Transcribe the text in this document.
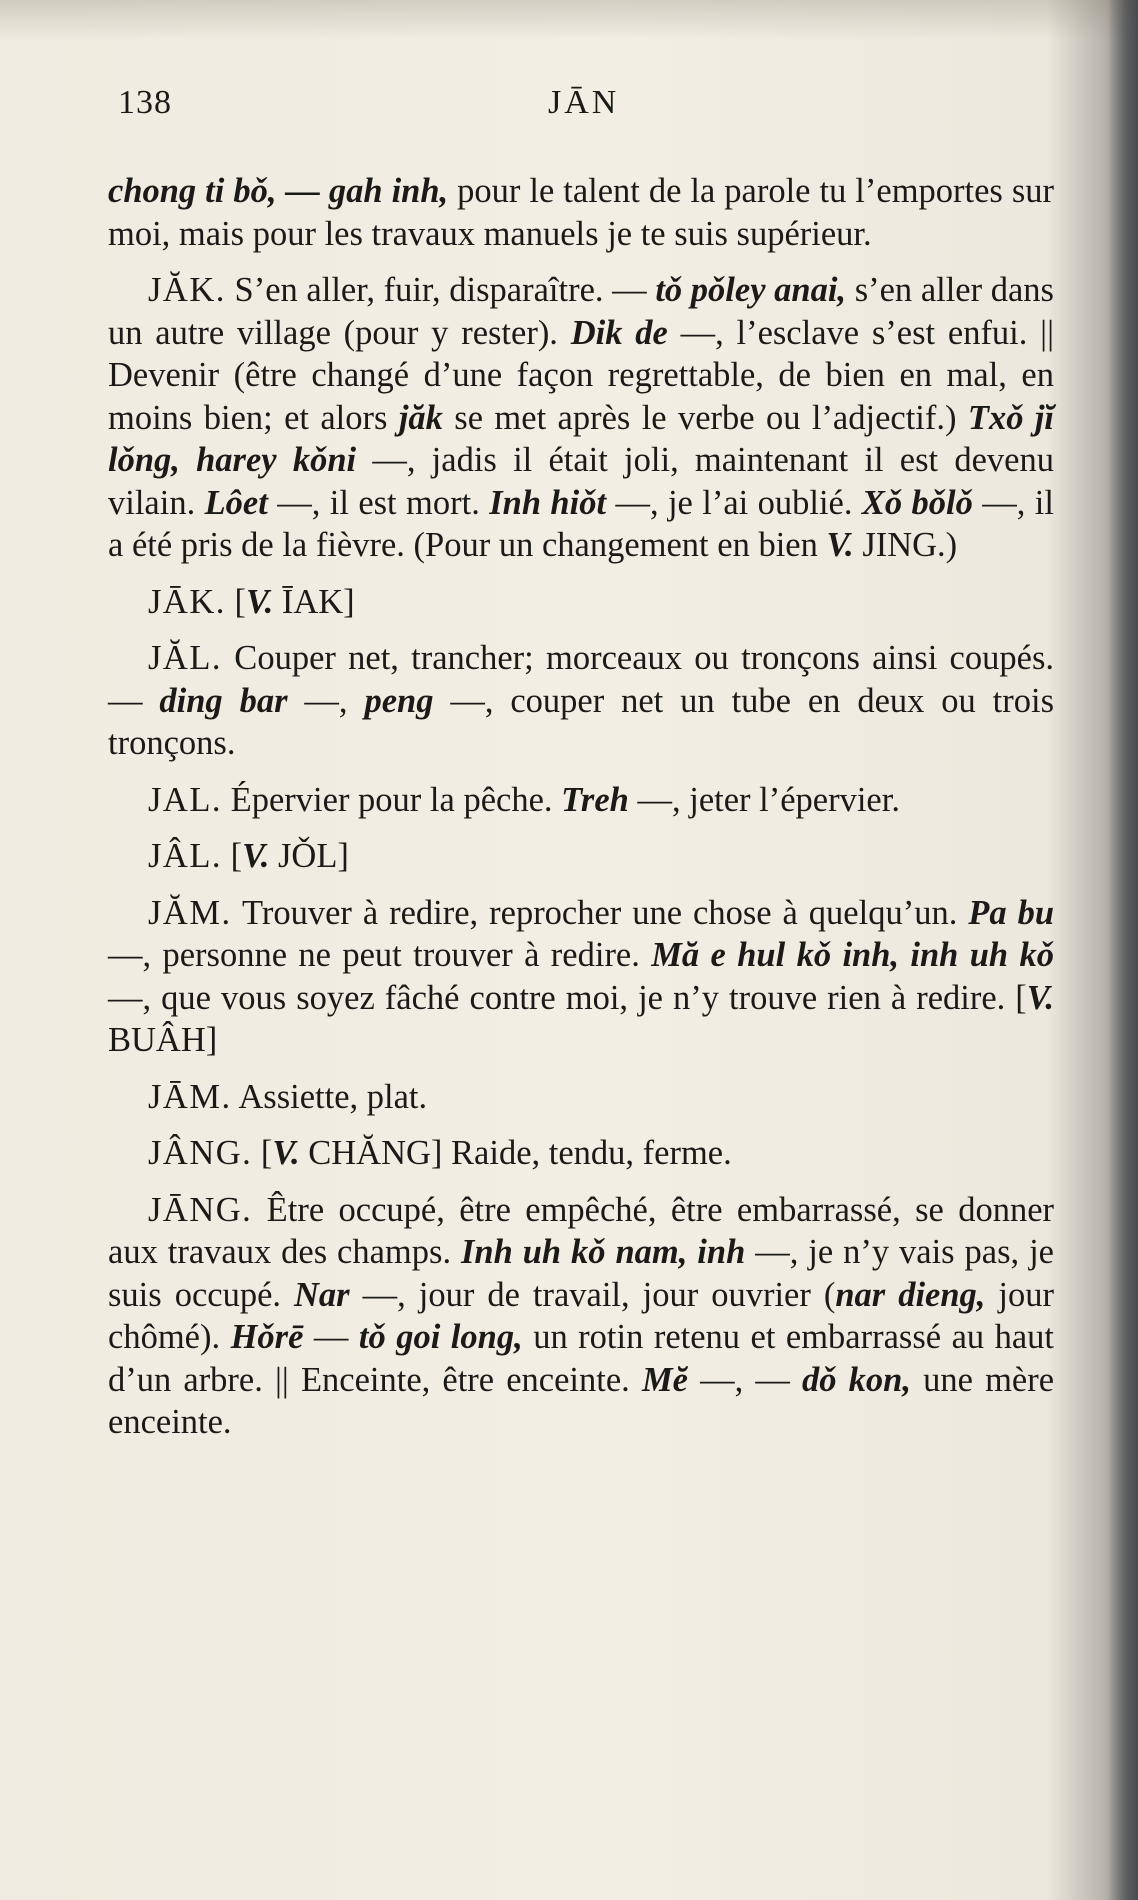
138	JĀN

chong ti bǒ, — gah inh, pour le talent de la parole tu l’emportes sur moi, mais pour les travaux manuels je te suis supérieur.

JĂK. S’en aller, fuir, disparaître. — tǒ pǒley anai, s’en aller dans un autre village (pour y rester). Dik de —, l’esclave s’est enfui. || Devenir (être changé d’une façon regrettable, de bien en mal, en moins bien; et alors jăk se met après le verbe ou l’adjectif.) Txǒ jĭ lǒng, harey kǒni —, jadis il était joli, maintenant il est devenu vilain. Lôet —, il est mort. Inh hiǒt —, je l’ai oublié. Xǒ bǒlǒ —, il a été pris de la fièvre. (Pour un changement en bien V. JING.)

JĀK. [V. ĪAK]

JĂL. Couper net, trancher; morceaux ou tronçons ainsi coupés. — ding bar —, peng —, couper net un tube en deux ou trois tronçons.

JAL. Épervier pour la pêche. Treh —, jeter l’épervier.

JÂL. [V. JǑL]

JĂM. Trouver à redire, reprocher une chose à quelqu’un. Pa bu —, personne ne peut trouver à redire. Mă e hul kǒ inh, inh uh kǒ —, que vous soyez fâché contre moi, je n’y trouve rien à redire. [V. BUÂH]

JĀM. Assiette, plat.

JÂNG. [V. CHĂNG] Raide, tendu, ferme.

JĀNG. Être occupé, être empêché, être embarrassé, se donner aux travaux des champs. Inh uh kǒ nam, inh —, je n’y vais pas, je suis occupé. Nar —, jour de travail, jour ouvrier (nar dieng, jour chômé). Hǒrē — tǒ goi long, un rotin retenu et embarrassé au haut d’un arbre. || Enceinte, être enceinte. Mĕ —, — dǒ kon, une mère enceinte.
